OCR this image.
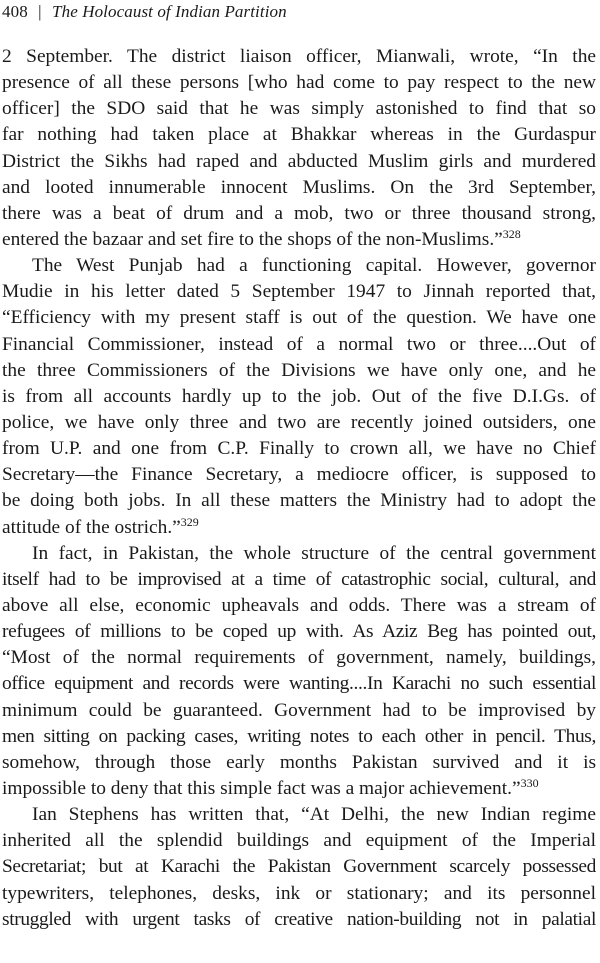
408 | The Holocaust of Indian Partition
2 September. The district liaison officer, Mianwali, wrote, “In the
presence of all these persons [who had come to pay respect to the new
officer] the SDO said that he was simply astonished to find that so
far nothing had taken place at Bhakkar whereas in the Gurdaspur
District the Sikhs had raped and abducted Muslim girls and murdered
and looted innumerable innocent Muslims. On the 3rd September,
there was a beat of drum and a mob, two or three thousand strong,
entered the bazaar and set fire to the shops of the non-Muslims.”$^{328}$
The West Punjab had a functioning capital. However, governor
Mudie in his letter dated 5 September 1947 to Jinnah reported that,
“Efficiency with my present staff is out of the question. We have one
Financial Commissioner, instead of a normal two or three....Out of
the three Commissioners of the Divisions we have only one, and he
is from all accounts hardly up to the job. Out of the five D.I.Gs. of
police, we have only three and two are recently joined outsiders, one
from U.P. and one from C.P. Finally to crown all, we have no Chief
Secretary—the Finance Secretary, a mediocre officer, is supposed to
be doing both jobs. In all these matters the Ministry had to adopt the
attitude of the ostrich.”$^{329}$
In fact, in Pakistan, the whole structure of the central government
itself had to be improvised at a time of catastrophic social, cultural, and
above all else, economic upheavals and odds. There was a stream of
refugees of millions to be coped up with. As Aziz Beg has pointed out,
“Most of the normal requirements of government, namely, buildings,
office equipment and records were wanting....In Karachi no such essential
minimum could be guaranteed. Government had to be improvised by
men sitting on packing cases, writing notes to each other in pencil. Thus,
somehow, through those early months Pakistan survived and it is
impossible to deny that this simple fact was a major achievement.”$^{330}$
Ian Stephens has written that, “At Delhi, the new Indian regime
inherited all the splendid buildings and equipment of the Imperial
Secretariat; but at Karachi the Pakistan Government scarcely possessed
typewriters, telephones, desks, ink or stationary; and its personnel
struggled with urgent tasks of creative nation-building not in palatial
